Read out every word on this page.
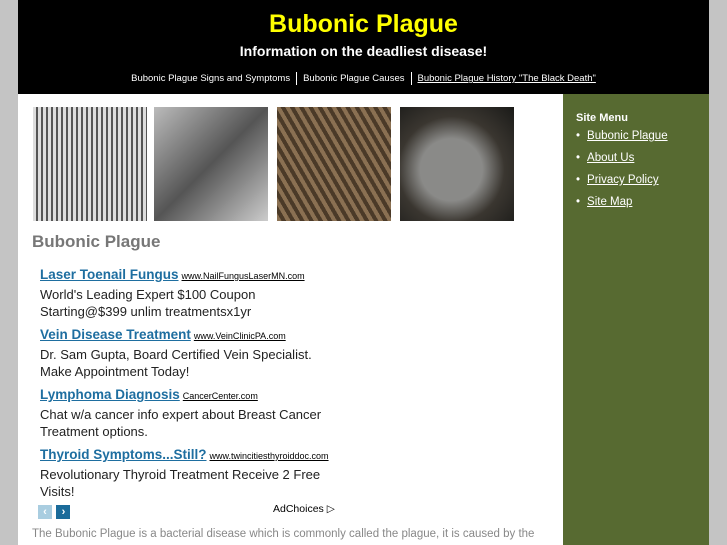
Bubonic Plague
Information on the deadliest disease!
Bubonic Plague Signs and Symptoms Bubonic Plague Causes Bubonic Plague History "The Black Death"
Bubonic Plague
Laser Toenail Fungus www.NailFungusLaserMN.com
World's Leading Expert $100 Coupon Starting@$399 unlim treatmentsx1yr
Vein Disease Treatment www.VeinClinicPA.com
Dr. Sam Gupta, Board Certified Vein Specialist. Make Appointment Today!
Lymphoma Diagnosis CancerCenter.com
Chat w/a cancer info expert about Breast Cancer Treatment options.
Thyroid Symptoms...Still? www.twincitiesthyroiddoc.com
Revolutionary Thyroid Treatment Receive 2 Free Visits!
‹ ›	AdChoices ▷
The Bubonic Plague is a bacterial disease which is commonly called the plague, it is caused by the
Site Menu
• Bubonic Plague
• About Us
• Privacy Policy
• Site Map
